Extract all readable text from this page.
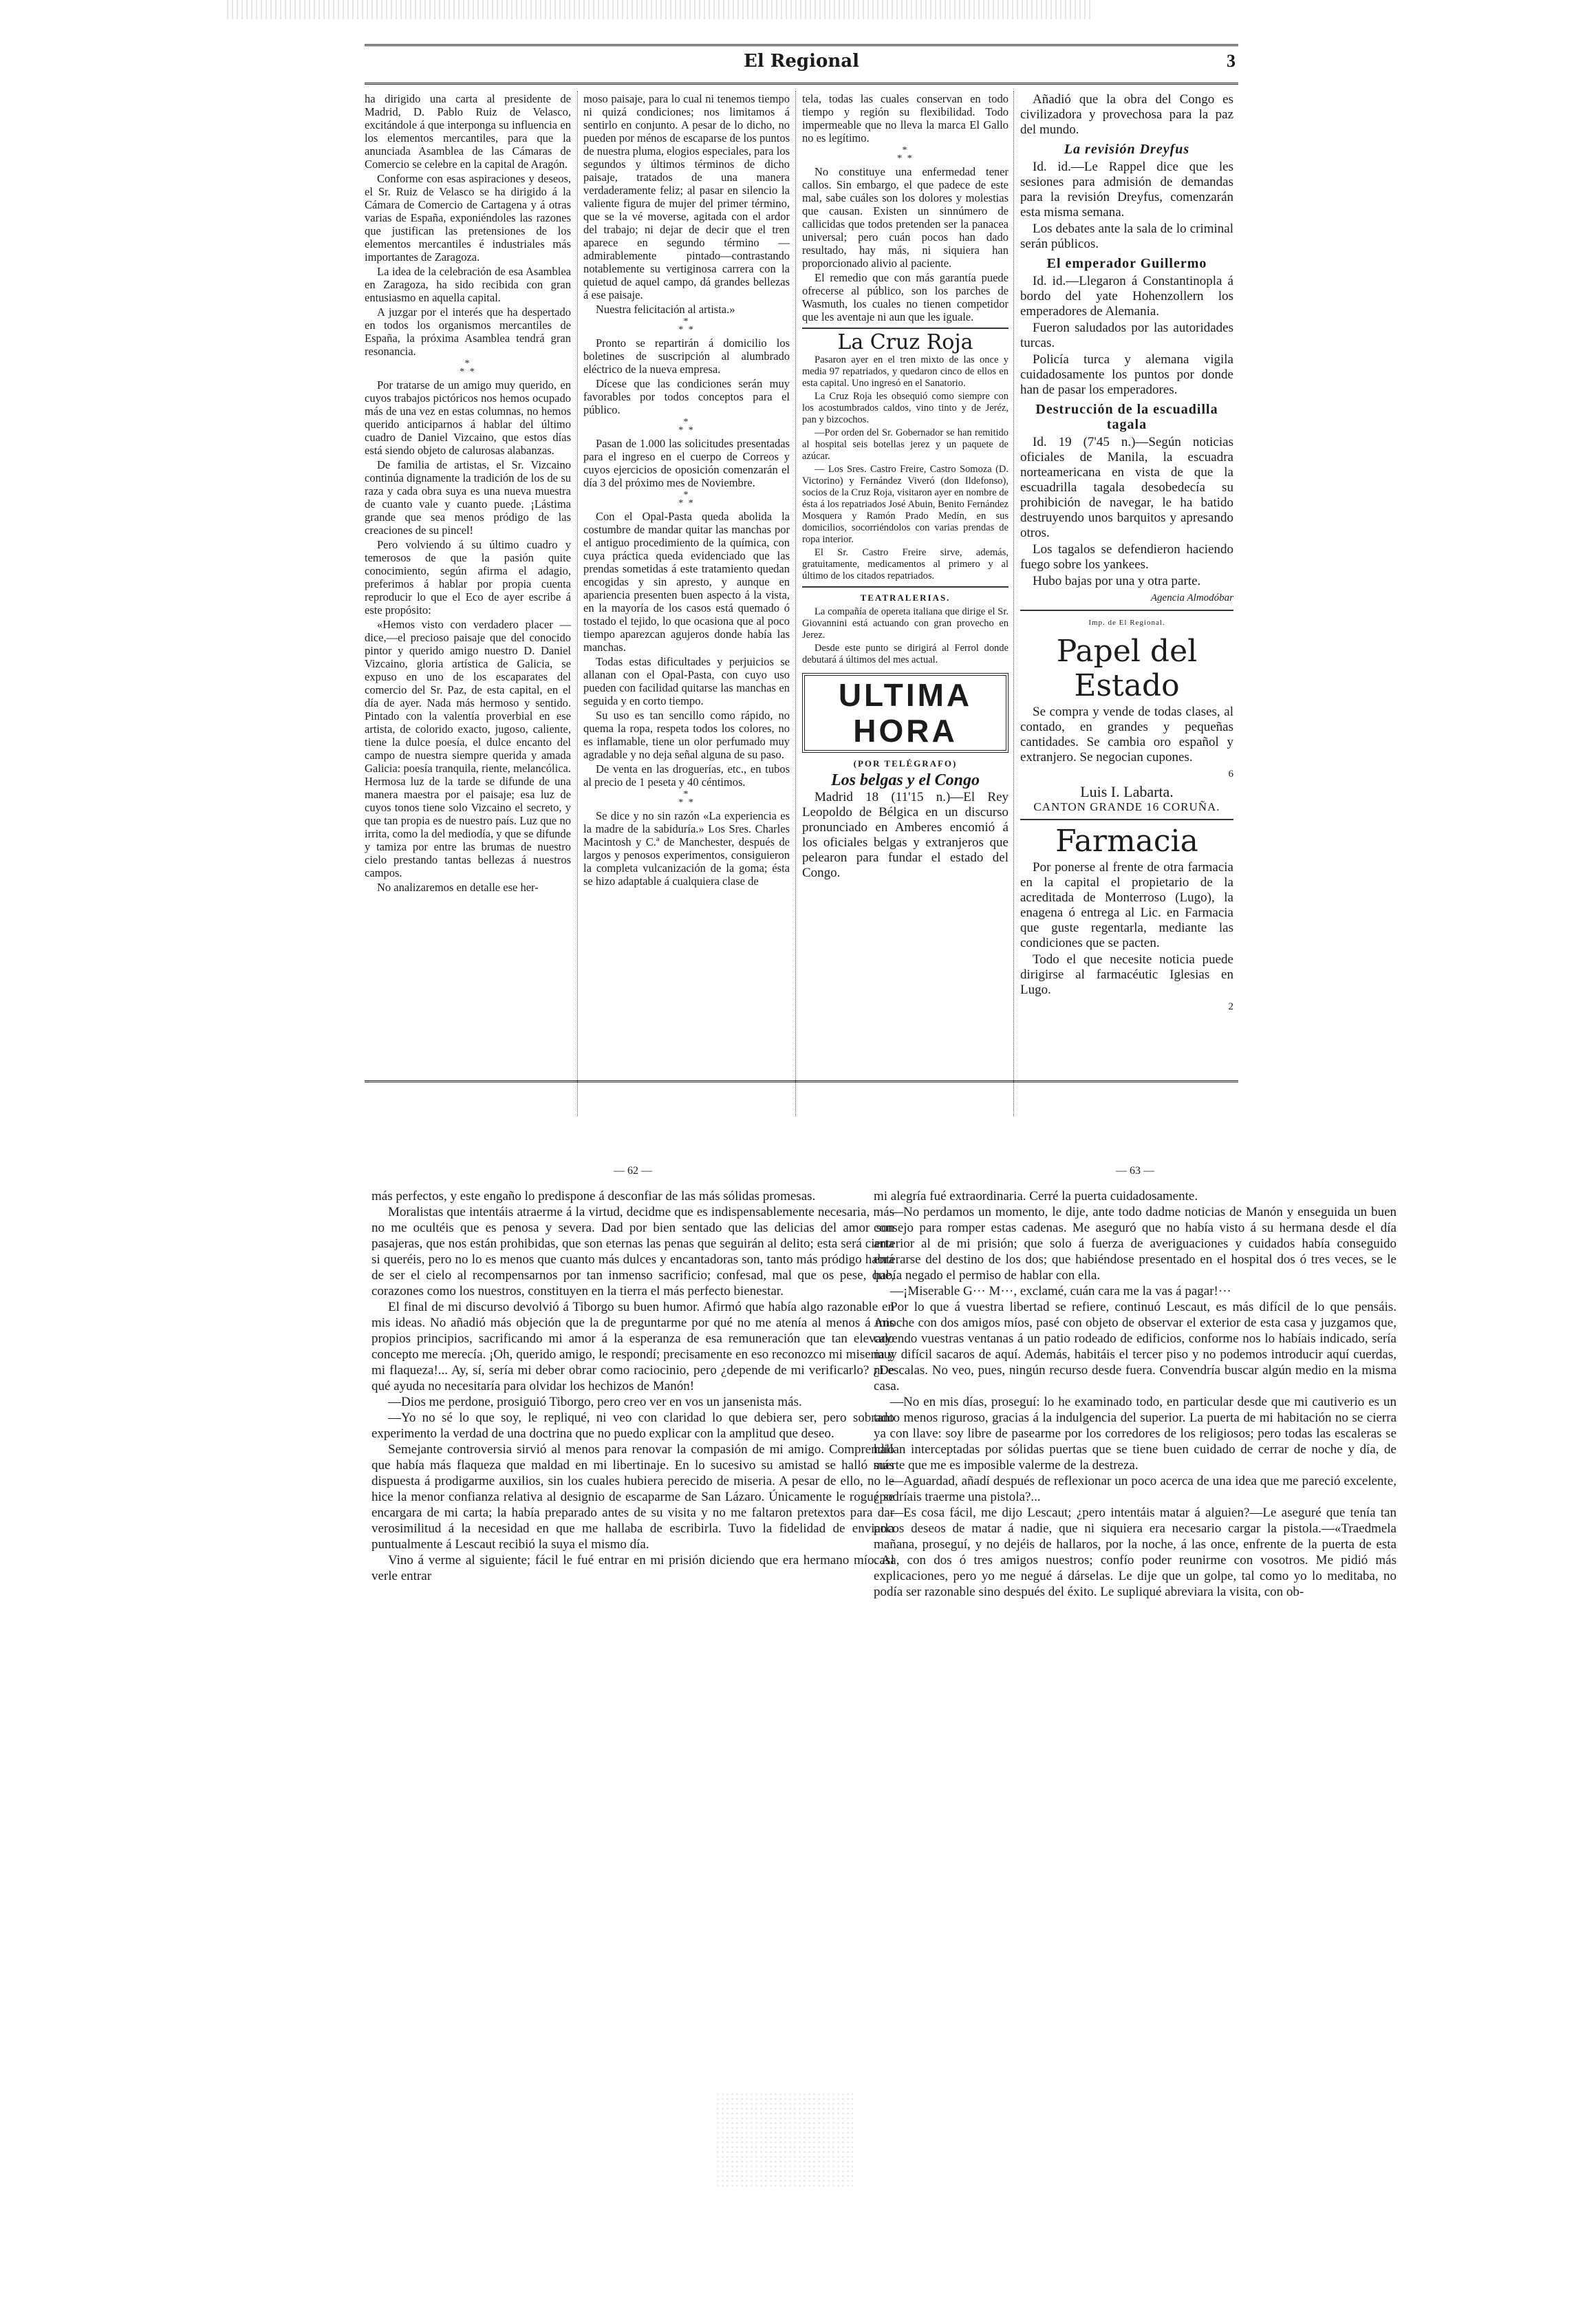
El Regional	3

ha dirigido una carta al presidente de Madrid, D. Pablo Ruiz de Velasco, excitándole á que interponga su influencia en los elementos mercantiles, para que la anunciada Asamblea de las Cámaras de Comercio se celebre en la capital de Aragón.

Conforme con esas aspiraciones y deseos, el Sr. Ruiz de Velasco se ha dirigido á la Cámara de Comercio de Cartagena y á otras varias de España, exponiéndoles las razones que justifican las pretensiones de los elementos mercantiles é industriales más importantes de Zaragoza.

La idea de la celebración de esa Asamblea en Zaragoza, ha sido recibida con gran entusiasmo en aquella capital.

A juzgar por el interés que ha despertado en todos los organismos mercantiles de España, la próxima Asamblea tendrá gran resonancia.

*
* *

Por tratarse de un amigo muy querido, en cuyos trabajos pictóricos nos hemos ocupado más de una vez en estas columnas, no hemos querido anticiparnos á hablar del último cuadro de Daniel Vizcaino, que estos días está siendo objeto de calurosas alabanzas.

De familia de artistas, el Sr. Vizcaino continúa dignamente la tradición de los de su raza y cada obra suya es una nueva muestra de cuanto vale y cuanto puede. ¡Lástima grande que sea menos pródigo de las creaciones de su pincel!

Pero volviendo á su último cuadro y temerosos de que la pasión quite conocimiento, según afirma el adagio, preferimos á hablar por propia cuenta reproducir lo que el Eco de ayer escribe á este propósito:

«Hemos visto con verdadero placer —dice,—el precioso paisaje que del conocido pintor y querido amigo nuestro D. Daniel Vizcaino, gloria artística de Galicia, se expuso en uno de los escaparates del comercio del Sr. Paz, de esta capital, en el día de ayer. Nada más hermoso y sentido. Pintado con la valentía proverbial en ese artista, de colorido exacto, jugoso, caliente, tiene la dulce poesía, el dulce encanto del campo de nuestra siempre querida y amada Galicia: poesía tranquila, riente, melancólica. Hermosa luz de la tarde se difunde de una manera maestra por el paisaje; esa luz de cuyos tonos tiene solo Vizcaino el secreto, y que tan propia es de nuestro país. Luz que no irrita, como la del mediodía, y que se difunde y tamiza por entre las brumas de nuestro cielo prestando tantas bellezas á nuestros campos.

No analizaremos en detalle ese her-

moso paisaje, para lo cual ni tenemos tiempo ni quizá condiciones; nos limitamos á sentirlo en conjunto. A pesar de lo dicho, no pueden por ménos de escaparse de los puntos de nuestra pluma, elogios especiales, para los segundos y últimos términos de dicho paisaje, tratados de una manera verdaderamente feliz; al pasar en silencio la valiente figura de mujer del primer término, que se la vé moverse, agitada con el ardor del trabajo; ni dejar de decir que el tren aparece en segundo término —admirablemente pintado—contrastando notablemente su vertiginosa carrera con la quietud de aquel campo, dá grandes bellezas á ese paisaje.

Nuestra felicitación al artista.»

*
* *

Pronto se repartirán á domicilio los boletines de suscripción al alumbrado eléctrico de la nueva empresa.

Dícese que las condiciones serán muy favorables por todos conceptos para el público.

*
* *

Pasan de 1.000 las solicitudes presentadas para el ingreso en el cuerpo de Correos y cuyos ejercicios de oposición comenzarán el día 3 del próximo mes de Noviembre.

*
* *

Con el Opal-Pasta queda abolida la costumbre de mandar quitar las manchas por el antiguo procedimiento de la química, con cuya práctica queda evidenciado que las prendas sometidas á este tratamiento quedan encogidas y sin apresto, y aunque en apariencia presenten buen aspecto á la vista, en la mayoría de los casos está quemado ó tostado el tejido, lo que ocasiona que al poco tiempo aparezcan agujeros donde había las manchas.

Todas estas dificultades y perjuicios se allanan con el Opal-Pasta, con cuyo uso pueden con facilidad quitarse las manchas en seguida y en corto tiempo.

Su uso es tan sencillo como rápido, no quema la ropa, respeta todos los colores, no es inflamable, tiene un olor perfumado muy agradable y no deja señal alguna de su paso.

De venta en las droguerías, etc., en tubos al precio de 1 peseta y 40 céntimos.

*
* *

Se dice y no sin razón «La experiencia es la madre de la sabiduría.» Los Sres. Charles Macintosh y C.ª de Manchester, después de largos y penosos experimentos, consiguieron la completa vulcanización de la goma; ésta se hizo adaptable á cualquiera clase de

tela, todas las cuales conservan en todo tiempo y región su flexibilidad. Todo impermeable que no lleva la marca El Gallo no es legítimo.

*
* *

No constituye una enfermedad tener callos. Sin embargo, el que padece de este mal, sabe cuáles son los dolores y molestias que causan. Existen un sinnúmero de callicidas que todos pretenden ser la panacea universal; pero cuán pocos han dado resultado, hay más, ni siquiera han proporcionado alivio al paciente.

El remedio que con más garantía puede ofrecerse al público, son los parches de Wasmuth, los cuales no tienen competidor que les aventaje ni aun que les iguale.

La Cruz Roja

Pasaron ayer en el tren mixto de las once y media 97 repatriados, y quedaron cinco de ellos en esta capital. Uno ingresó en el Sanatorio.

La Cruz Roja les obsequió como siempre con los acostumbrados caldos, vino tinto y de Jeréz, pan y bizcochos.

—Por orden del Sr. Gobernador se han remitido al hospital seis botellas jerez y un paquete de azúcar.

— Los Sres. Castro Freire, Castro Somoza (D. Victorino) y Fernández Viveró (don Ildefonso), socios de la Cruz Roja, visitaron ayer en nombre de ésta á los repatriados José Abuin, Benito Fernández Mosquera y Ramón Prado Medín, en sus domicilios, socorriéndolos con varias prendas de ropa interior.

El Sr. Castro Freire sirve, además, gratuitamente, medicamentos al primero y al último de los citados repatriados.

TEATRALERIAS.

La compañía de opereta italiana que dirige el Sr. Giovannini está actuando con gran provecho en Jerez.

Desde este punto se dirigirá al Ferrol donde debutará á últimos del mes actual.

ULTIMA HORA
(POR TELÉGRAFO)
Los belgas y el Congo

Madrid 18 (11'15 n.)—El Rey Leopoldo de Bélgica en un discurso pronunciado en Amberes encomió á los oficiales belgas y extranjeros que pelearon para fundar el estado del Congo.

Añadió que la obra del Congo es civilizadora y provechosa para la paz del mundo.

La revisión Dreyfus

Id. id.—Le Rappel dice que les sesiones para admisión de demandas para la revisión Dreyfus, comenzarán esta misma semana.

Los debates ante la sala de lo criminal serán públicos.

El emperador Guillermo

Id. id.—Llegaron á Constantinopla á bordo del yate Hohenzollern los emperadores de Alemania.

Fueron saludados por las autoridades turcas.

Policía turca y alemana vigila cuidadosamente los puntos por donde han de pasar los emperadores.

Destrucción de la escuadilla tagala

Id. 19 (7'45 n.)—Según noticias oficiales de Manila, la escuadra norteamericana en vista de que la escuadrilla tagala desobedecía su prohibición de navegar, le ha batido destruyendo unos barquitos y apresando otros.

Los tagalos se defendieron haciendo fuego sobre los yankees.

Hubo bajas por una y otra parte.

Agencia Almodóbar
Imp. de El Regional.
Papel del Estado

Se compra y vende de todas clases, al contado, en grandes y pequeñas cantidades. Se cambia oro español y extranjero. Se negocian cupones.

6
Luis I. Labarta.
CANTON GRANDE 16 CORUÑA.
Farmacia

Por ponerse al frente de otra farmacia en la capital el propietario de la acreditada de Monterroso (Lugo), la enagena ó entrega al Lic. en Farmacia que guste regentarla, mediante las condiciones que se pacten.

Todo el que necesite noticia puede dirigirse al farmacéutic Iglesias en Lugo.

2
— 62 —

más perfectos, y este engaño lo predispone á desconfiar de las más sólidas promesas.

Moralistas que intentáis atraerme á la virtud, decidme que es indispensablemente necesaria, más no me ocultéis que es penosa y severa. Dad por bien sentado que las delicias del amor son pasajeras, que nos están prohibidas, que son eternas las penas que seguirán al delito; esta será cierta si queréis, pero no lo es menos que cuanto más dulces y encantadoras son, tanto más pródigo habrá de ser el cielo al recompensarnos por tan inmenso sacrificio; confesad, mal que os pese, que, corazones como los nuestros, constituyen en la tierra el más perfecto bienestar.

El final de mi discurso devolvió á Tiborgo su buen humor. Afirmó que había algo razonable en mis ideas. No añadió más objeción que la de preguntarme por qué no me atenía al menos á mis propios principios, sacrificando mi amor á la esperanza de esa remuneración que tan elevado concepto me merecía. ¡Oh, querido amigo, le respondí; precisamente en eso reconozco mi miseria y mi flaqueza!... Ay, sí, sería mi deber obrar como raciocinio, pero ¿depende de mi verificarlo? ¿De qué ayuda no necesitaría para olvidar los hechizos de Manón!

—Dios me perdone, prosiguió Tiborgo, pero creo ver en vos un jansenista más.

—Yo no sé lo que soy, le repliqué, ni veo con claridad lo que debiera ser, pero sobrado experimento la verdad de una doctrina que no puedo explicar con la amplitud que deseo.

Semejante controversia sirvió al menos para renovar la compasión de mi amigo. Comprendió que había más flaqueza que maldad en mi libertinaje. En lo sucesivo su amistad se halló más dispuesta á prodigarme auxilios, sin los cuales hubiera perecido de miseria. A pesar de ello, no le hice la menor confianza relativa al designio de escaparme de San Lázaro. Únicamente le rogué se encargara de mi carta; la había preparado antes de su visita y no me faltaron pretextos para dar verosimilitud á la necesidad en que me hallaba de escribirla. Tuvo la fidelidad de enviarla puntualmente á Lescaut recibió la suya el mismo día.

Vino á verme al siguiente; fácil le fué entrar en mi prisión diciendo que era hermano mío. Al verle entrar

— 63 —

mi alegría fué extraordinaria. Cerré la puerta cuidadosamente.

—No perdamos un momento, le dije, ante todo dadme noticias de Manón y enseguida un buen consejo para romper estas cadenas. Me aseguró que no había visto á su hermana desde el día anterior al de mi prisión; que solo á fuerza de averiguaciones y cuidados había conseguido enterarse del destino de los dos; que habiéndose presentado en el hospital dos ó tres veces, se le había negado el permiso de hablar con ella.

—¡Miserable G··· M···, exclamé, cuán cara me la vas á pagar!···

Por lo que á vuestra libertad se refiere, continuó Lescaut, es más difícil de lo que pensáis. Anoche con dos amigos míos, pasé con objeto de observar el exterior de esta casa y juzgamos que, cayendo vuestras ventanas á un patio rodeado de edificios, conforme nos lo habíais indicado, sería muy difícil sacaros de aquí. Además, habitáis el tercer piso y no podemos introducir aquí cuerdas, ni escalas. No veo, pues, ningún recurso desde fuera. Convendría buscar algún medio en la misma casa.

—No en mis días, proseguí: lo he examinado todo, en particular desde que mi cautiverio es un tanto menos riguroso, gracias á la indulgencia del superior. La puerta de mi habitación no se cierra ya con llave: soy libre de pasearme por los corredores de los religiosos; pero todas las escaleras se hallan interceptadas por sólidas puertas que se tiene buen cuidado de cerrar de noche y día, de suerte que me es imposible valerme de la destreza.

—Aguardad, añadí después de reflexionar un poco acerca de una idea que me pareció excelente, ¿podríais traerme una pistola?...

—Es cosa fácil, me dijo Lescaut; ¿pero intentáis matar á alguien?—Le aseguré que tenía tan pocos deseos de matar á nadie, que ni siquiera era necesario cargar la pistola.—«Traedmela mañana, proseguí, y no dejéis de hallaros, por la noche, á las once, enfrente de la puerta de esta casa, con dos ó tres amigos nuestros; confío poder reunirme con vosotros. Me pidió más explicaciones, pero yo me negué á dárselas. Le dije que un golpe, tal como yo lo meditaba, no podía ser razonable sino después del éxito. Le supliqué abreviara la visita, con ob-
